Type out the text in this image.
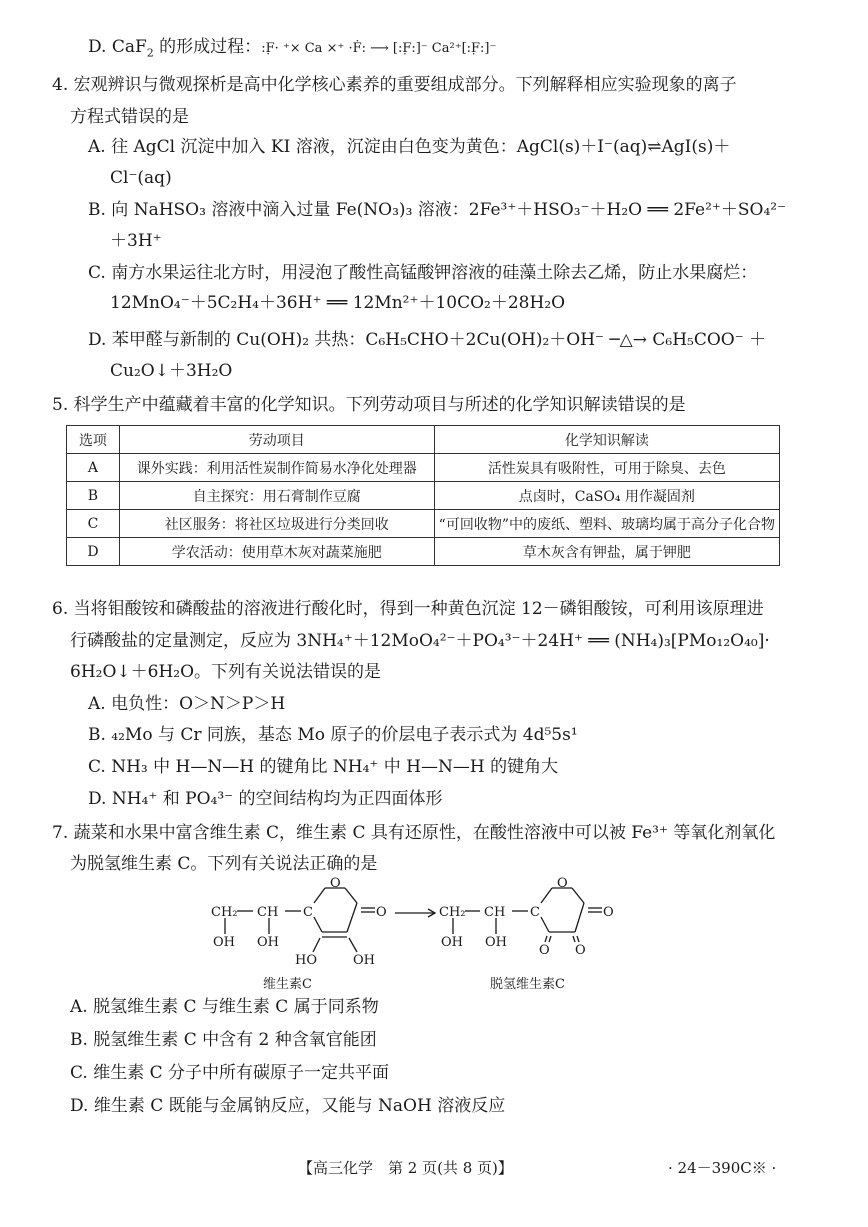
D. CaF$_2$ 的形成过程：:F̣· ⁺× Ca ×⁺ ·Ḟ: ⟶ [:F̣:]⁻ Ca²⁺[:F̣:]⁻
4. 宏观辨识与微观探析是高中化学核心素养的重要组成部分。下列解释相应实验现象的离子
方程式错误的是
A. 往 AgCl 沉淀中加入 KI 溶液，沉淀由白色变为黄色：AgCl(s)＋I⁻(aq)⇌AgI(s)＋
Cl⁻(aq)
B. 向 NaHSO₃ 溶液中滴入过量 Fe(NO₃)₃ 溶液：2Fe³⁺＋HSO₃⁻＋H₂O ══ 2Fe²⁺＋SO₄²⁻
＋3H⁺
C. 南方水果运往北方时，用浸泡了酸性高锰酸钾溶液的硅藻土除去乙烯，防止水果腐烂：
12MnO₄⁻＋5C₂H₄＋36H⁺ ══ 12Mn²⁺＋10CO₂＋28H₂O
D. 苯甲醛与新制的 Cu(OH)₂ 共热：C₆H₅CHO＋2Cu(OH)₂＋OH⁻ ─△→ C₆H₅COO⁻ ＋
Cu₂O↓＋3H₂O
5. 科学生产中蕴藏着丰富的化学知识。下列劳动项目与所述的化学知识解读错误的是
选项	劳动项目	化学知识解读
A	课外实践：利用活性炭制作简易水净化处理器	活性炭具有吸附性，可用于除臭、去色
B	自主探究：用石膏制作豆腐	点卤时，CaSO₄ 用作凝固剂
C	社区服务：将社区垃圾进行分类回收	“可回收物”中的废纸、塑料、玻璃均属于高分子化合物
D	学农活动：使用草木灰对蔬菜施肥	草木灰含有钾盐，属于钾肥
6. 当将钼酸铵和磷酸盐的溶液进行酸化时，得到一种黄色沉淀 12－磷钼酸铵，可利用该原理进
行磷酸盐的定量测定，反应为 3NH₄⁺＋12MoO₄²⁻＋PO₄³⁻＋24H⁺ ══ (NH₄)₃[PMo₁₂O₄₀]·
6H₂O↓＋6H₂O。下列有关说法错误的是
A. 电负性：O＞N＞P＞H
B. ₄₂Mo 与 Cr 同族，基态 Mo 原子的价层电子表示式为 4d⁵5s¹
C. NH₃ 中 H—N—H 的键角比 NH₄⁺ 中 H—N—H 的键角大
D. NH₄⁺ 和 PO₄³⁻ 的空间结构均为正四面体形
7. 蔬菜和水果中富含维生素 C，维生素 C 具有还原性，在酸性溶液中可以被 Fe³⁺ 等氧化剂氧化
为脱氢维生素 C。下列有关说法正确的是
CH₂ CH C
O
O
OH OH
HO	OH
CH₂ CH C
O
O
OH OH
O O
维生素C	脱氢维生素C
A. 脱氢维生素 C 与维生素 C 属于同系物
B. 脱氢维生素 C 中含有 2 种含氧官能团
C. 维生素 C 分子中所有碳原子一定共平面
D. 维生素 C 既能与金属钠反应，又能与 NaOH 溶液反应
【高三化学　第 2 页(共 8 页)】	· 24－390C※ ·
